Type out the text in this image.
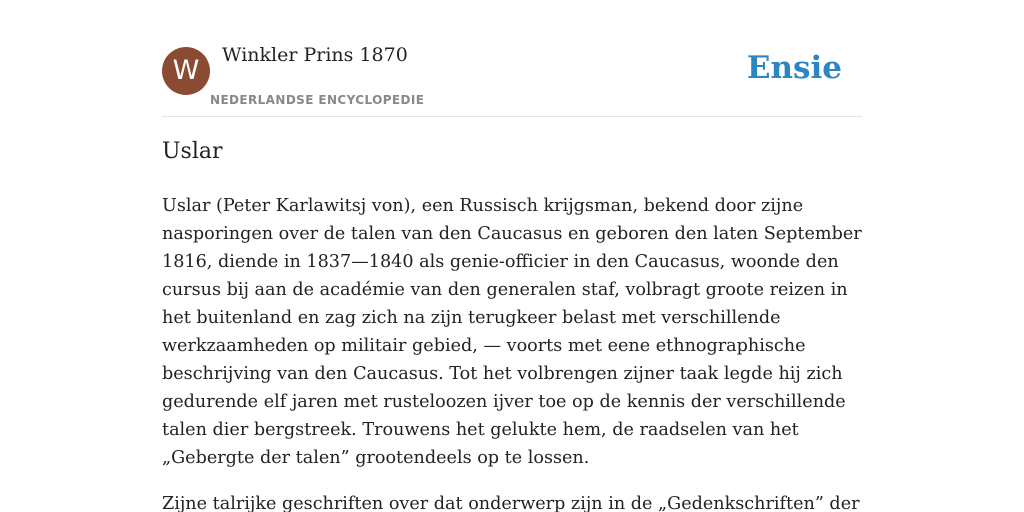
W	Winkler Prins 1870
NEDERLANDSE ENCYCLOPEDIE
Ensie
Uslar

Uslar (Peter Karlawitsj von), een Russisch krijgsman, bekend door zijne nasporingen over de talen van den Caucasus en geboren den laten September 1816, diende in 1837—1840 als genie-officier in den Caucasus, woonde den cursus bij aan de académie van den generalen staf, volbragt groote reizen in het buitenland en zag zich na zijn terugkeer belast met verschillende werkzaamheden op militair gebied, — voorts met eene ethnographische beschrijving van den Caucasus. Tot het volbrengen zijner taak legde hij zich gedurende elf jaren met rusteloozen ijver toe op de kennis der verschillende talen dier bergstreek. Trouwens het gelukte hem, de raadselen van het „Gebergte der talen” grootendeels op te lossen.

Zijne talrijke geschriften over dat onderwerp zijn in de „Gedenkschriften” der
